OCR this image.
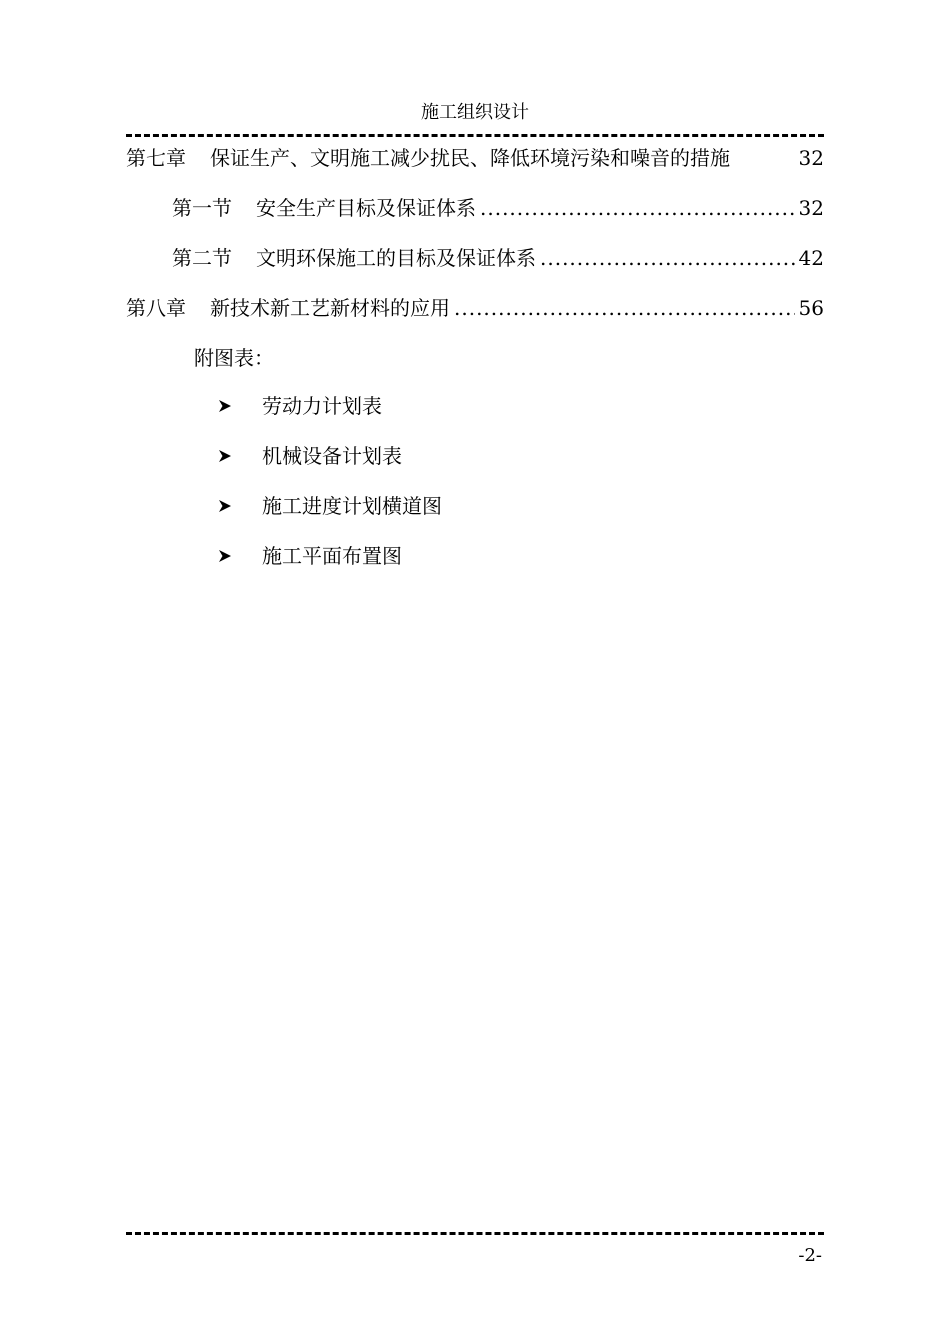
施工组织设计
第七章 保证生产、文明施工减少扰民、降低环境污染和噪音的措施	32
第一节 安全生产目标及保证体系 .....	32
第二节 文明环保施工的目标及保证体系 .....	42
第八章 新技术新工艺新材料的应用 .....	56
附图表：
劳动力计划表
机械设备计划表
施工进度计划横道图
施工平面布置图
-2-
